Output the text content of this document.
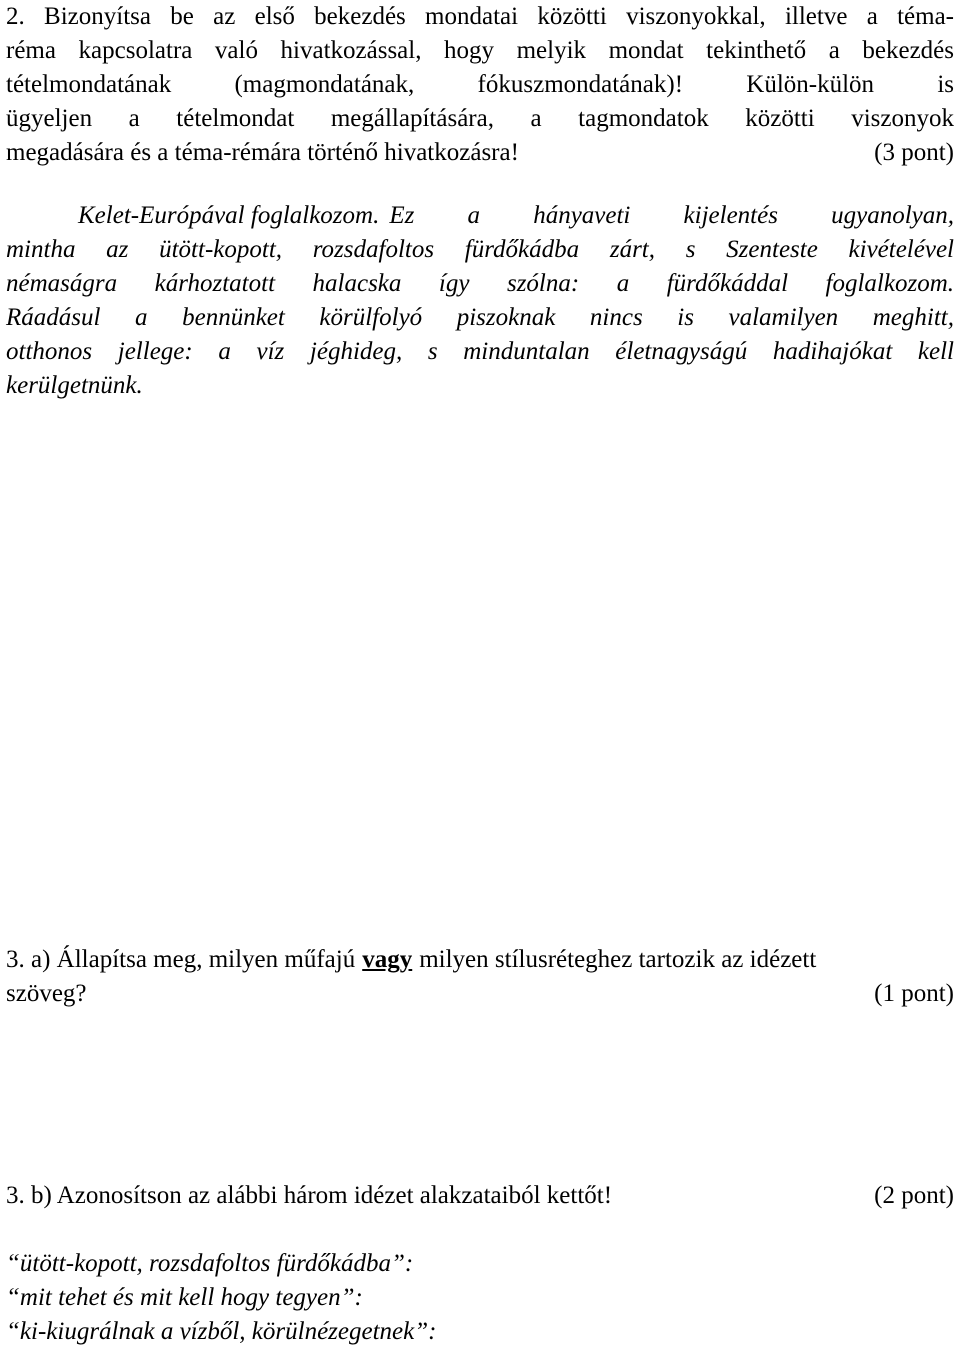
2. Bizonyítsa be az első bekezdés mondatai közötti viszonyokkal, illetve a téma-

réma kapcsolatra való hivatkozással, hogy melyik mondat tekinthető a bekezdés

tételmondatának (magmondatának, fókuszmondatának)! Külön-külön is

ügyeljen a tételmondat megállapítására, a tagmondatok közötti viszonyok

megadására és a téma-rémára történő hivatkozásra!	(3 pont)
Kelet-Európával foglalkozom. Ez a hányaveti kijelentés ugyanolyan,

mintha az ütött-kopott, rozsdafoltos fürdőkádba zárt, s Szenteste kivételével

némaságra kárhoztatott halacska így szólna: a fürdőkáddal foglalkozom.

Ráadásul a bennünket körülfolyó piszoknak nincs is valamilyen meghitt,

otthonos jellege: a víz jéghideg, s minduntalan életnagyságú hadihajókat kell

kerülgetnünk.

3. a) Állapítsa meg, milyen műfajú vagy milyen stílusréteghez tartozik az idézett
szöveg?	(1 pont)
3. b) Azonosítson az alábbi három idézet alakzataiból kettőt!	(2 pont)
“ütött-kopott, rozsdafoltos fürdőkádba”:
“mit tehet és mit kell hogy tegyen”:
“ki-kiugrálnak a vízből, körülnézegetnek”:
